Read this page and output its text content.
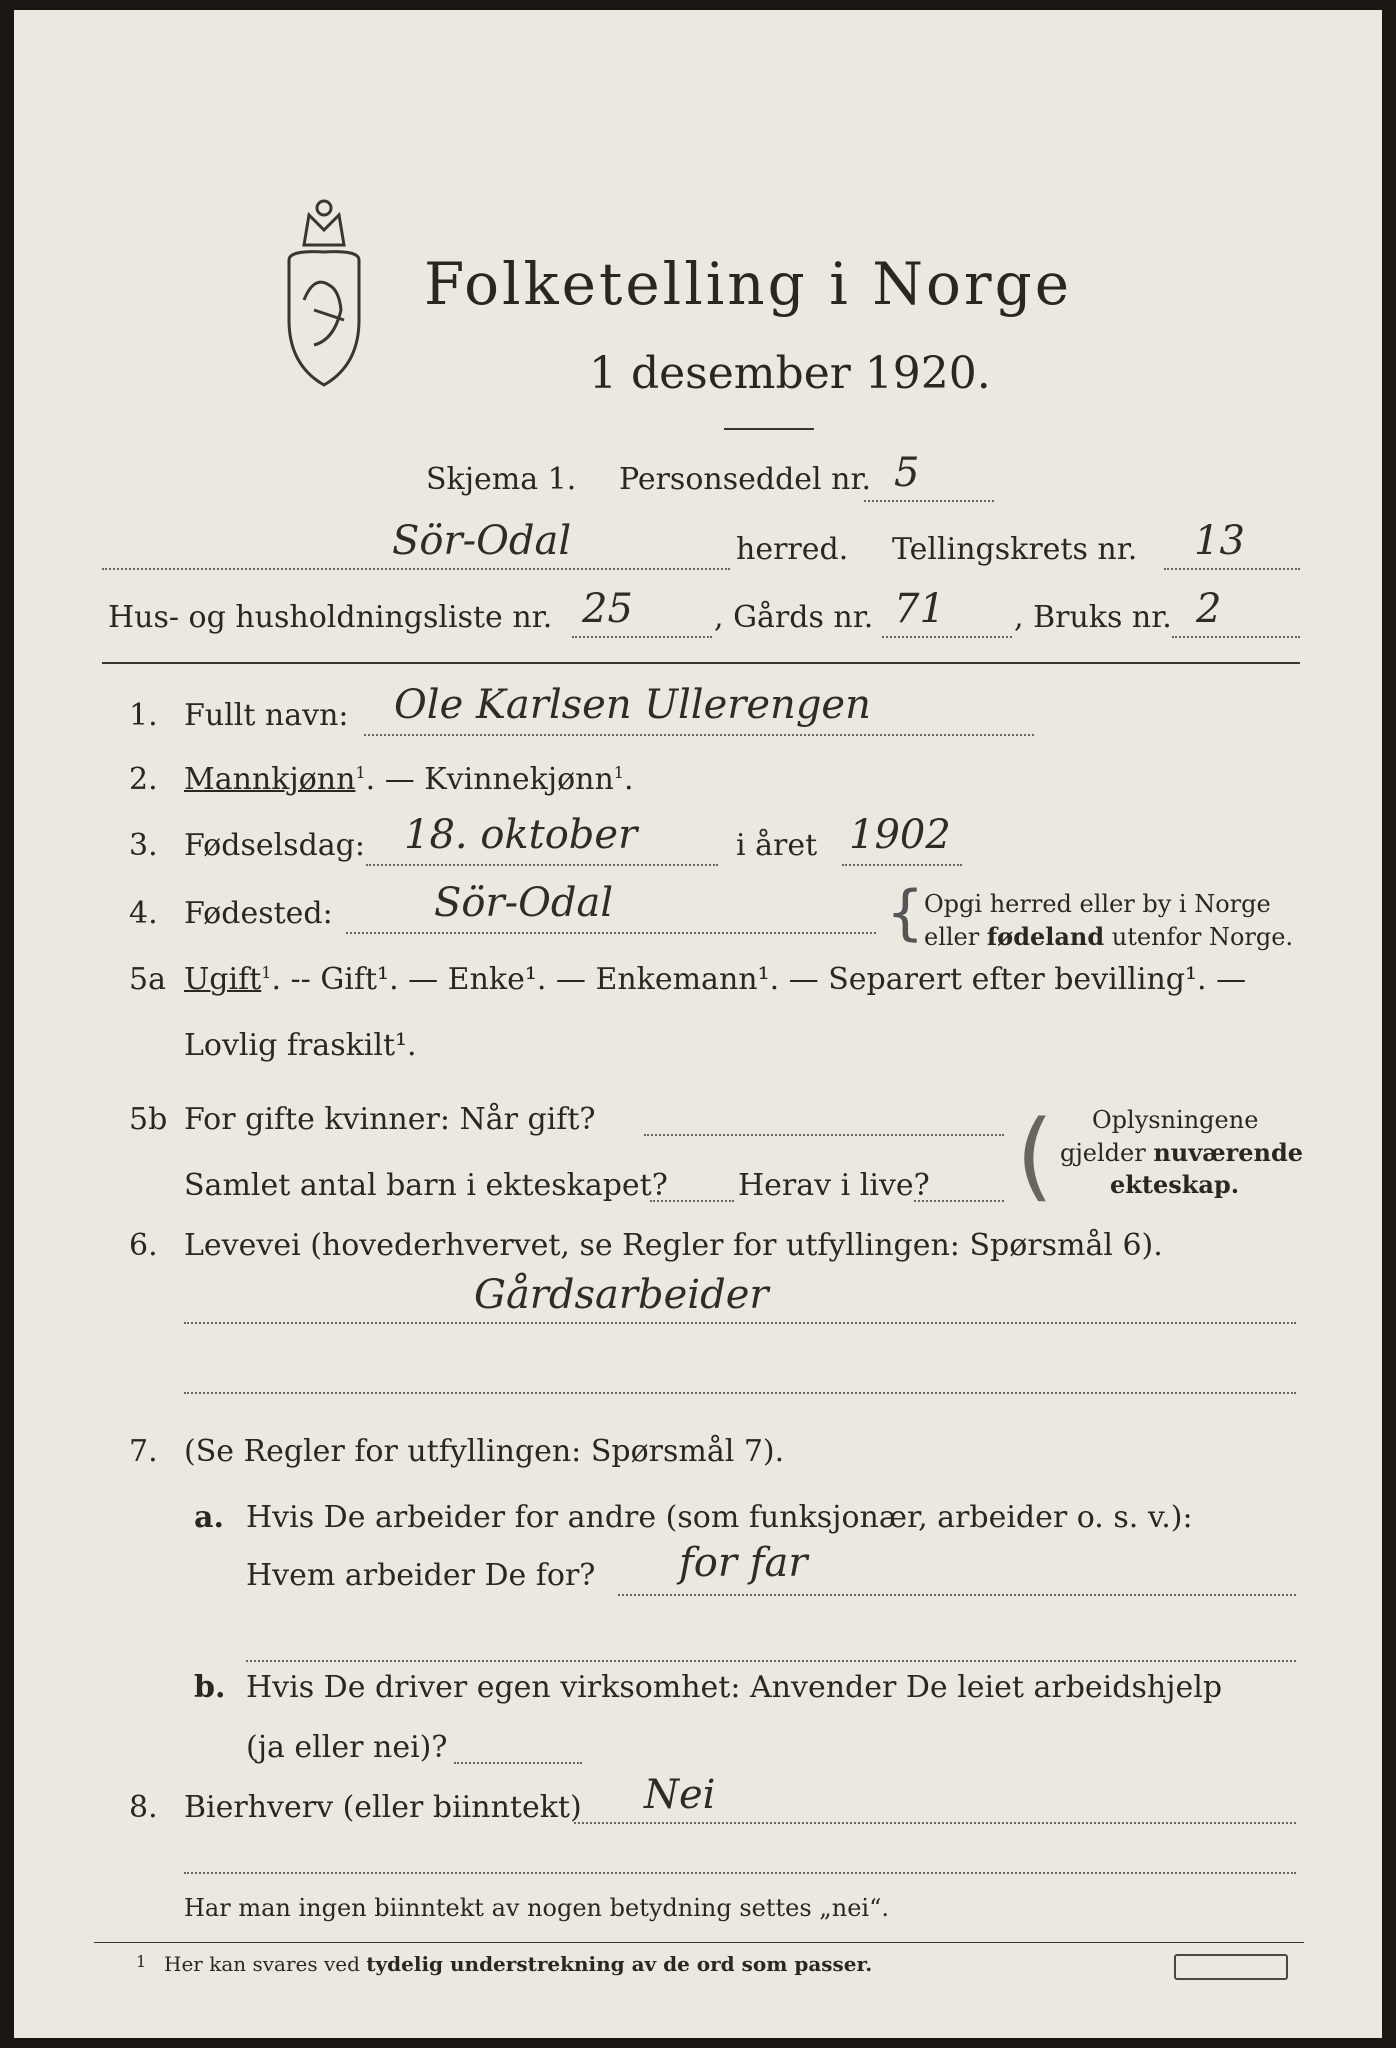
Folketelling i Norge
1 desember 1920.
Skjema 1. Personseddel nr. 5
Sör-Odal	herred. Tellingskrets nr. 13
Hus- og husholdningsliste nr. 25	, Gårds nr. 71 , Bruks nr. 2
1. Fullt navn: Ole Karlsen Ullerengen
2. Mannkjønn$^1$. — Kvinnekjønn$^1$.
3. Fødselsdag: 18. oktober	i året 1902
4. Fødested:	Sör-Odal	{ Opgi herred eller by i Norge
eller fødeland utenfor Norge.
5a Ugift$^1$. -- Gift¹. — Enke¹. — Enkemann¹. — Separert efter bevilling¹. —
Lovlig fraskilt¹.
5b For gifte kvinner: Når gift?
Samlet antal barn i ekteskapet? Herav i live? ( Oplysningene
gjelder nuværende
ekteskap.
6. Levevei (hovederhvervet, se Regler for utfyllingen: Spørsmål 6).
Gårdsarbeider
7. (Se Regler for utfyllingen: Spørsmål 7).
a. Hvis De arbeider for andre (som funksjonær, arbeider o. s. v.):
Hvem arbeider De for? for far
b. Hvis De driver egen virksomhet: Anvender De leiet arbeidshjelp
(ja eller nei)?
8. Bierhverv (eller biinntekt) Nei
Har man ingen biinntekt av nogen betydning settes „nei“.
1 Her kan svares ved tydelig understrekning av de ord som passer.
